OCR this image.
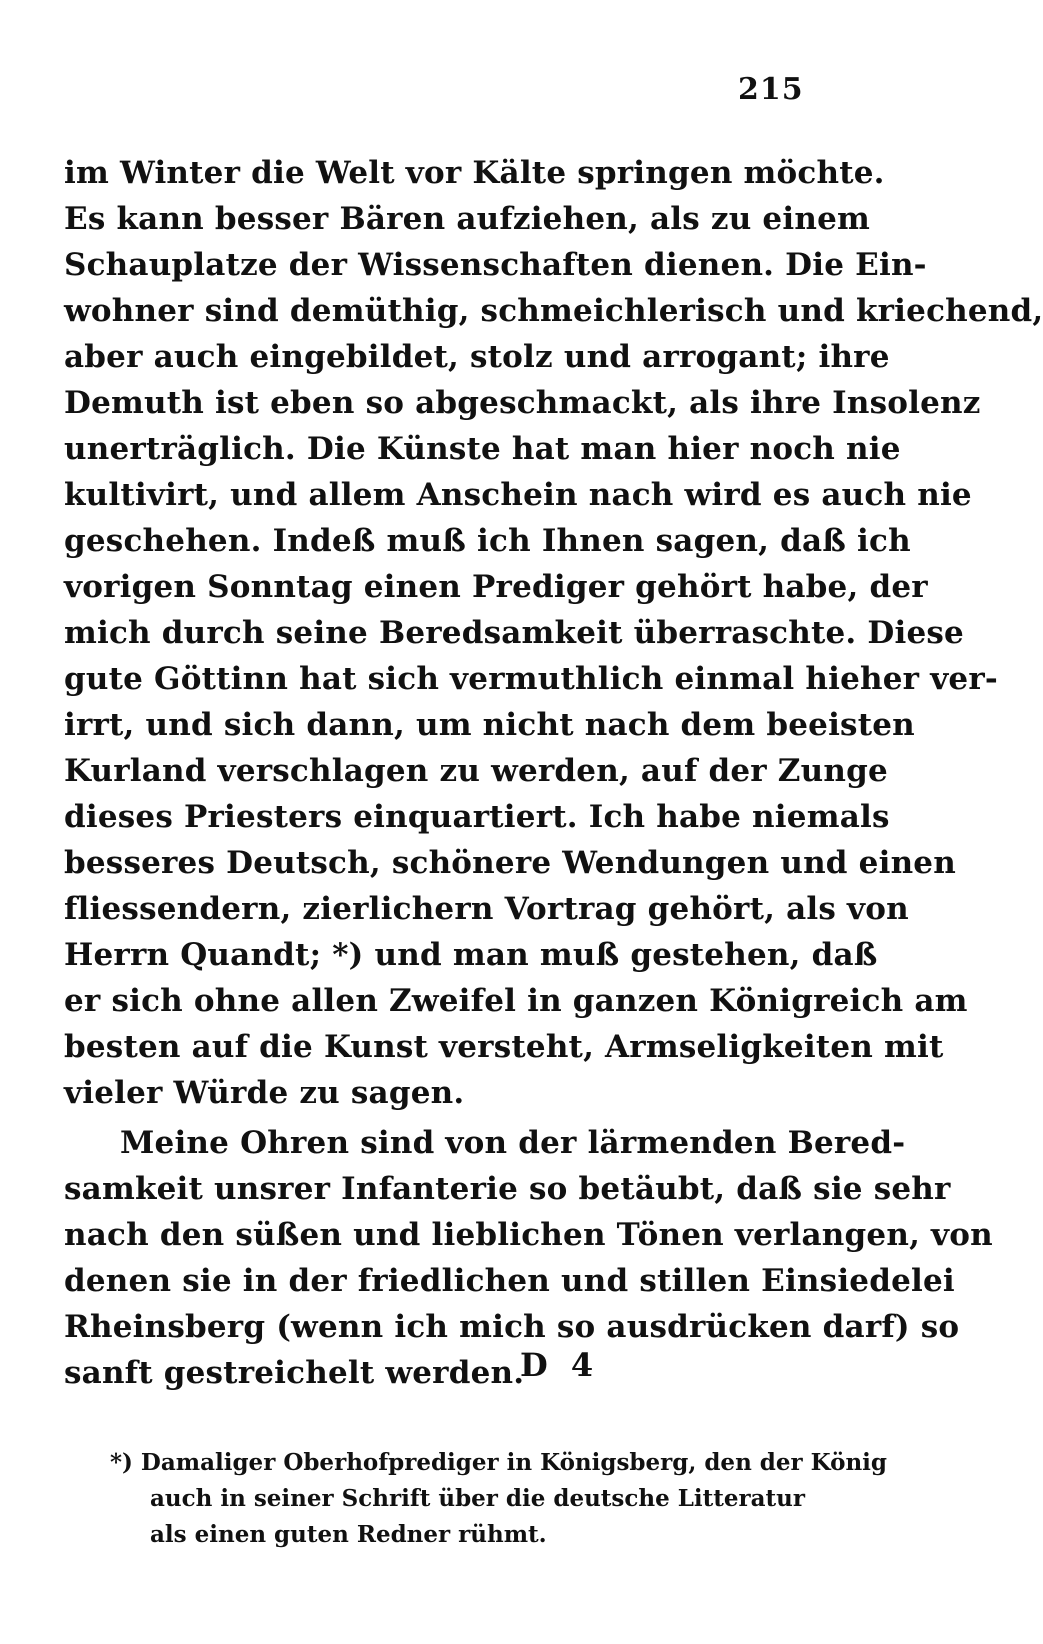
215
im Winter die Welt vor Kälte springen möchte.
Es kann besser Bären aufziehen, als zu einem
Schauplatze der Wissenschaften dienen. Die Ein-
wohner sind demüthig, schmeichlerisch und kriechend,
aber auch eingebildet, stolz und arrogant; ihre
Demuth ist eben so abgeschmackt, als ihre Insolenz
unerträglich. Die Künste hat man hier noch nie
kultivirt, und allem Anschein nach wird es auch nie
geschehen. Indeß muß ich Ihnen sagen, daß ich
vorigen Sonntag einen Prediger gehört habe, der
mich durch seine Beredsamkeit überraschte. Diese
gute Göttinn hat sich vermuthlich einmal hieher ver-
irrt, und sich dann, um nicht nach dem beeisten
Kurland verschlagen zu werden, auf der Zunge
dieses Priesters einquartiert. Ich habe niemals
besseres Deutsch, schönere Wendungen und einen
fliessendern, zierlichern Vortrag gehört, als von
Herrn Quandt; *) und man muß gestehen, daß
er sich ohne allen Zweifel in ganzen Königreich am
besten auf die Kunst versteht, Armseligkeiten mit
vieler Würde zu sagen.
Meine Ohren sind von der lärmenden Bered-
samkeit unsrer Infanterie so betäubt, daß sie sehr
nach den süßen und lieblichen Tönen verlangen, von
denen sie in der friedlichen und stillen Einsiedelei
Rheinsberg (wenn ich mich so ausdrücken darf) so
sanft gestreichelt werden.
D 4
*) Damaliger Oberhofprediger in Königsberg, den der König
auch in seiner Schrift über die deutsche Litteratur
als einen guten Redner rühmt.
